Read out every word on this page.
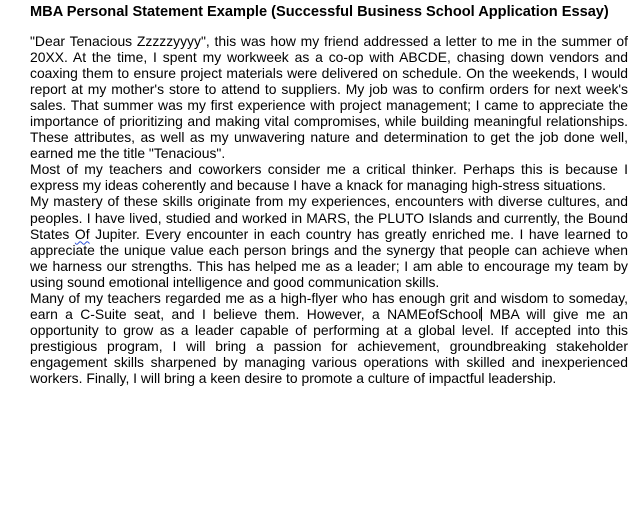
MBA Personal Statement Example (Successful Business School Application Essay)

"Dear Tenacious Zzzzzyyyy", this was how my friend addressed a letter to me in the summer of 20XX. At the time, I spent my workweek as a co-op with ABCDE, chasing down vendors and coaxing them to ensure project materials were delivered on schedule. On the weekends, I would report at my mother's store to attend to suppliers. My job was to confirm orders for next week's sales. That summer was my first experience with project management; I came to appreciate the importance of prioritizing and making vital compromises, while building meaningful relationships. These attributes, as well as my unwavering nature and determination to get the job done well, earned me the title "Tenacious".

Most of my teachers and coworkers consider me a critical thinker. Perhaps this is because I express my ideas coherently and because I have a knack for managing high-stress situations.

My mastery of these skills originate from my experiences, encounters with diverse cultures, and peoples. I have lived, studied and worked in MARS, the PLUTO Islands and currently, the Bound States Of Jupiter. Every encounter in each country has greatly enriched me. I have learned to appreciate the unique value each person brings and the synergy that people can achieve when we harness our strengths. This has helped me as a leader; I am able to encourage my team by using sound emotional intelligence and good communication skills.

Many of my teachers regarded me as a high-flyer who has enough grit and wisdom to someday, earn a C-Suite seat, and I believe them. However, a NAMEofSchool MBA will give me an opportunity to grow as a leader capable of performing at a global level. If accepted into this prestigious program, I will bring a passion for achievement, groundbreaking stakeholder engagement skills sharpened by managing various operations with skilled and inexperienced workers. Finally, I will bring a keen desire to promote a culture of impactful leadership.
